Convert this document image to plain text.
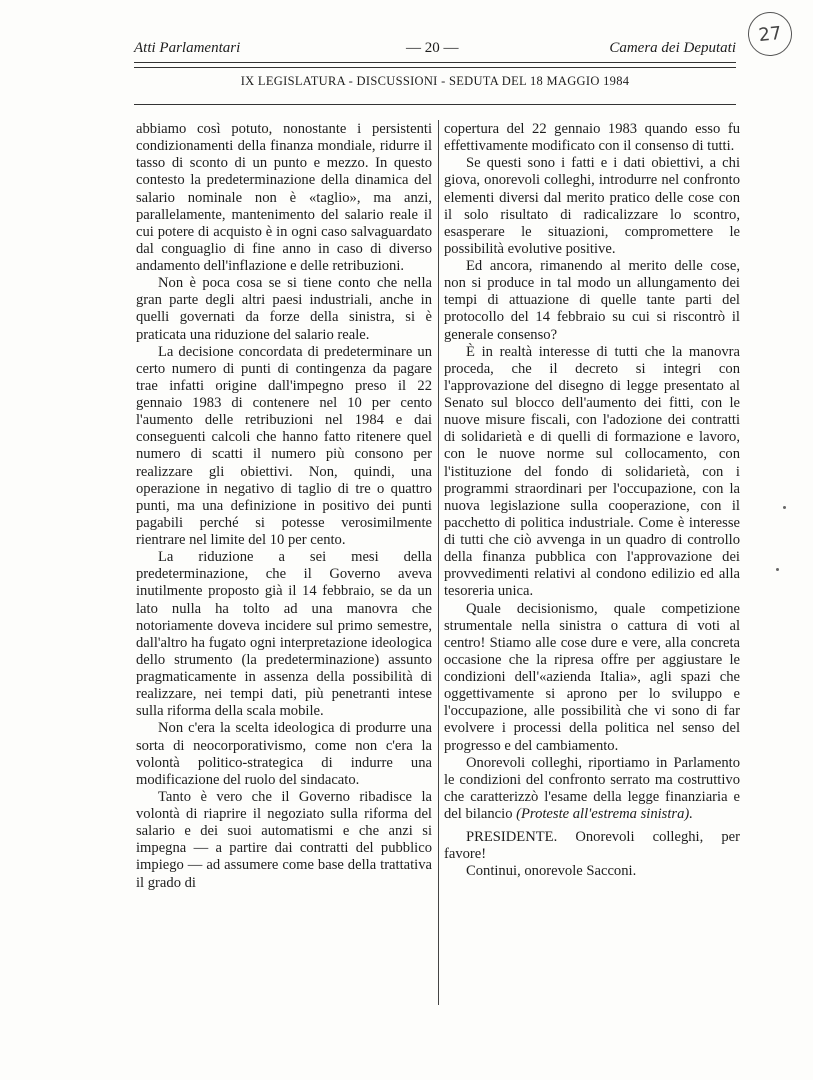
Atti Parlamentari	— 20 —	Camera dei Deputati
27
IX LEGISLATURA - DISCUSSIONI - SEDUTA DEL 18 MAGGIO 1984

abbiamo così potuto, nonostante i persistenti condizionamenti della finanza mondiale, ridurre il tasso di sconto di un punto e mezzo. In questo contesto la predeterminazione della dinamica del salario nominale non è «taglio», ma anzi, parallelamente, mantenimento del salario reale il cui potere di acquisto è in ogni caso salvaguardato dal conguaglio di fine anno in caso di diverso andamento dell'inflazione e delle retribuzioni.

Non è poca cosa se si tiene conto che nella gran parte degli altri paesi industriali, anche in quelli governati da forze della sinistra, si è praticata una riduzione del salario reale.

La decisione concordata di predeterminare un certo numero di punti di contingenza da pagare trae infatti origine dall'impegno preso il 22 gennaio 1983 di contenere nel 10 per cento l'aumento delle retribuzioni nel 1984 e dai conseguenti calcoli che hanno fatto ritenere quel numero di scatti il numero più consono per realizzare gli obiettivi. Non, quindi, una operazione in negativo di taglio di tre o quattro punti, ma una definizione in positivo dei punti pagabili perché si potesse verosimilmente rientrare nel limite del 10 per cento.

La riduzione a sei mesi della predeterminazione, che il Governo aveva inutilmente proposto già il 14 febbraio, se da un lato nulla ha tolto ad una manovra che notoriamente doveva incidere sul primo semestre, dall'altro ha fugato ogni interpretazione ideologica dello strumento (la predeterminazione) assunto pragmaticamente in assenza della possibilità di realizzare, nei tempi dati, più penetranti intese sulla riforma della scala mobile.

Non c'era la scelta ideologica di produrre una sorta di neocorporativismo, come non c'era la volontà politico-strategica di indurre una modificazione del ruolo del sindacato.

Tanto è vero che il Governo ribadisce la volontà di riaprire il negoziato sulla riforma del salario e dei suoi automatismi e che anzi si impegna — a partire dai contratti del pubblico impiego — ad assumere come base della trattativa il grado di

copertura del 22 gennaio 1983 quando esso fu effettivamente modificato con il consenso di tutti.

Se questi sono i fatti e i dati obiettivi, a chi giova, onorevoli colleghi, introdurre nel confronto elementi diversi dal merito pratico delle cose con il solo risultato di radicalizzare lo scontro, esasperare le situazioni, compromettere le possibilità evolutive positive.

Ed ancora, rimanendo al merito delle cose, non si produce in tal modo un allungamento dei tempi di attuazione di quelle tante parti del protocollo del 14 febbraio su cui si riscontrò il generale consenso?

È in realtà interesse di tutti che la manovra proceda, che il decreto si integri con l'approvazione del disegno di legge presentato al Senato sul blocco dell'aumento dei fitti, con le nuove misure fiscali, con l'adozione dei contratti di solidarietà e di quelli di formazione e lavoro, con le nuove norme sul collocamento, con l'istituzione del fondo di solidarietà, con i programmi straordinari per l'occupazione, con la nuova legislazione sulla cooperazione, con il pacchetto di politica industriale. Come è interesse di tutti che ciò avvenga in un quadro di controllo della finanza pubblica con l'approvazione dei provvedimenti relativi al condono edilizio ed alla tesoreria unica.

Quale decisionismo, quale competizione strumentale nella sinistra o cattura di voti al centro! Stiamo alle cose dure e vere, alla concreta occasione che la ripresa offre per aggiustare le condizioni dell'«azienda Italia», agli spazi che oggettivamente si aprono per lo sviluppo e l'occupazione, alle possibilità che vi sono di far evolvere i processi della politica nel senso del progresso e del cambiamento.

Onorevoli colleghi, riportiamo in Parlamento le condizioni del confronto serrato ma costruttivo che caratterizzò l'esame della legge finanziaria e del bilancio (Proteste all'estrema sinistra).

PRESIDENTE. Onorevoli colleghi, per favore!

Continui, onorevole Sacconi.
